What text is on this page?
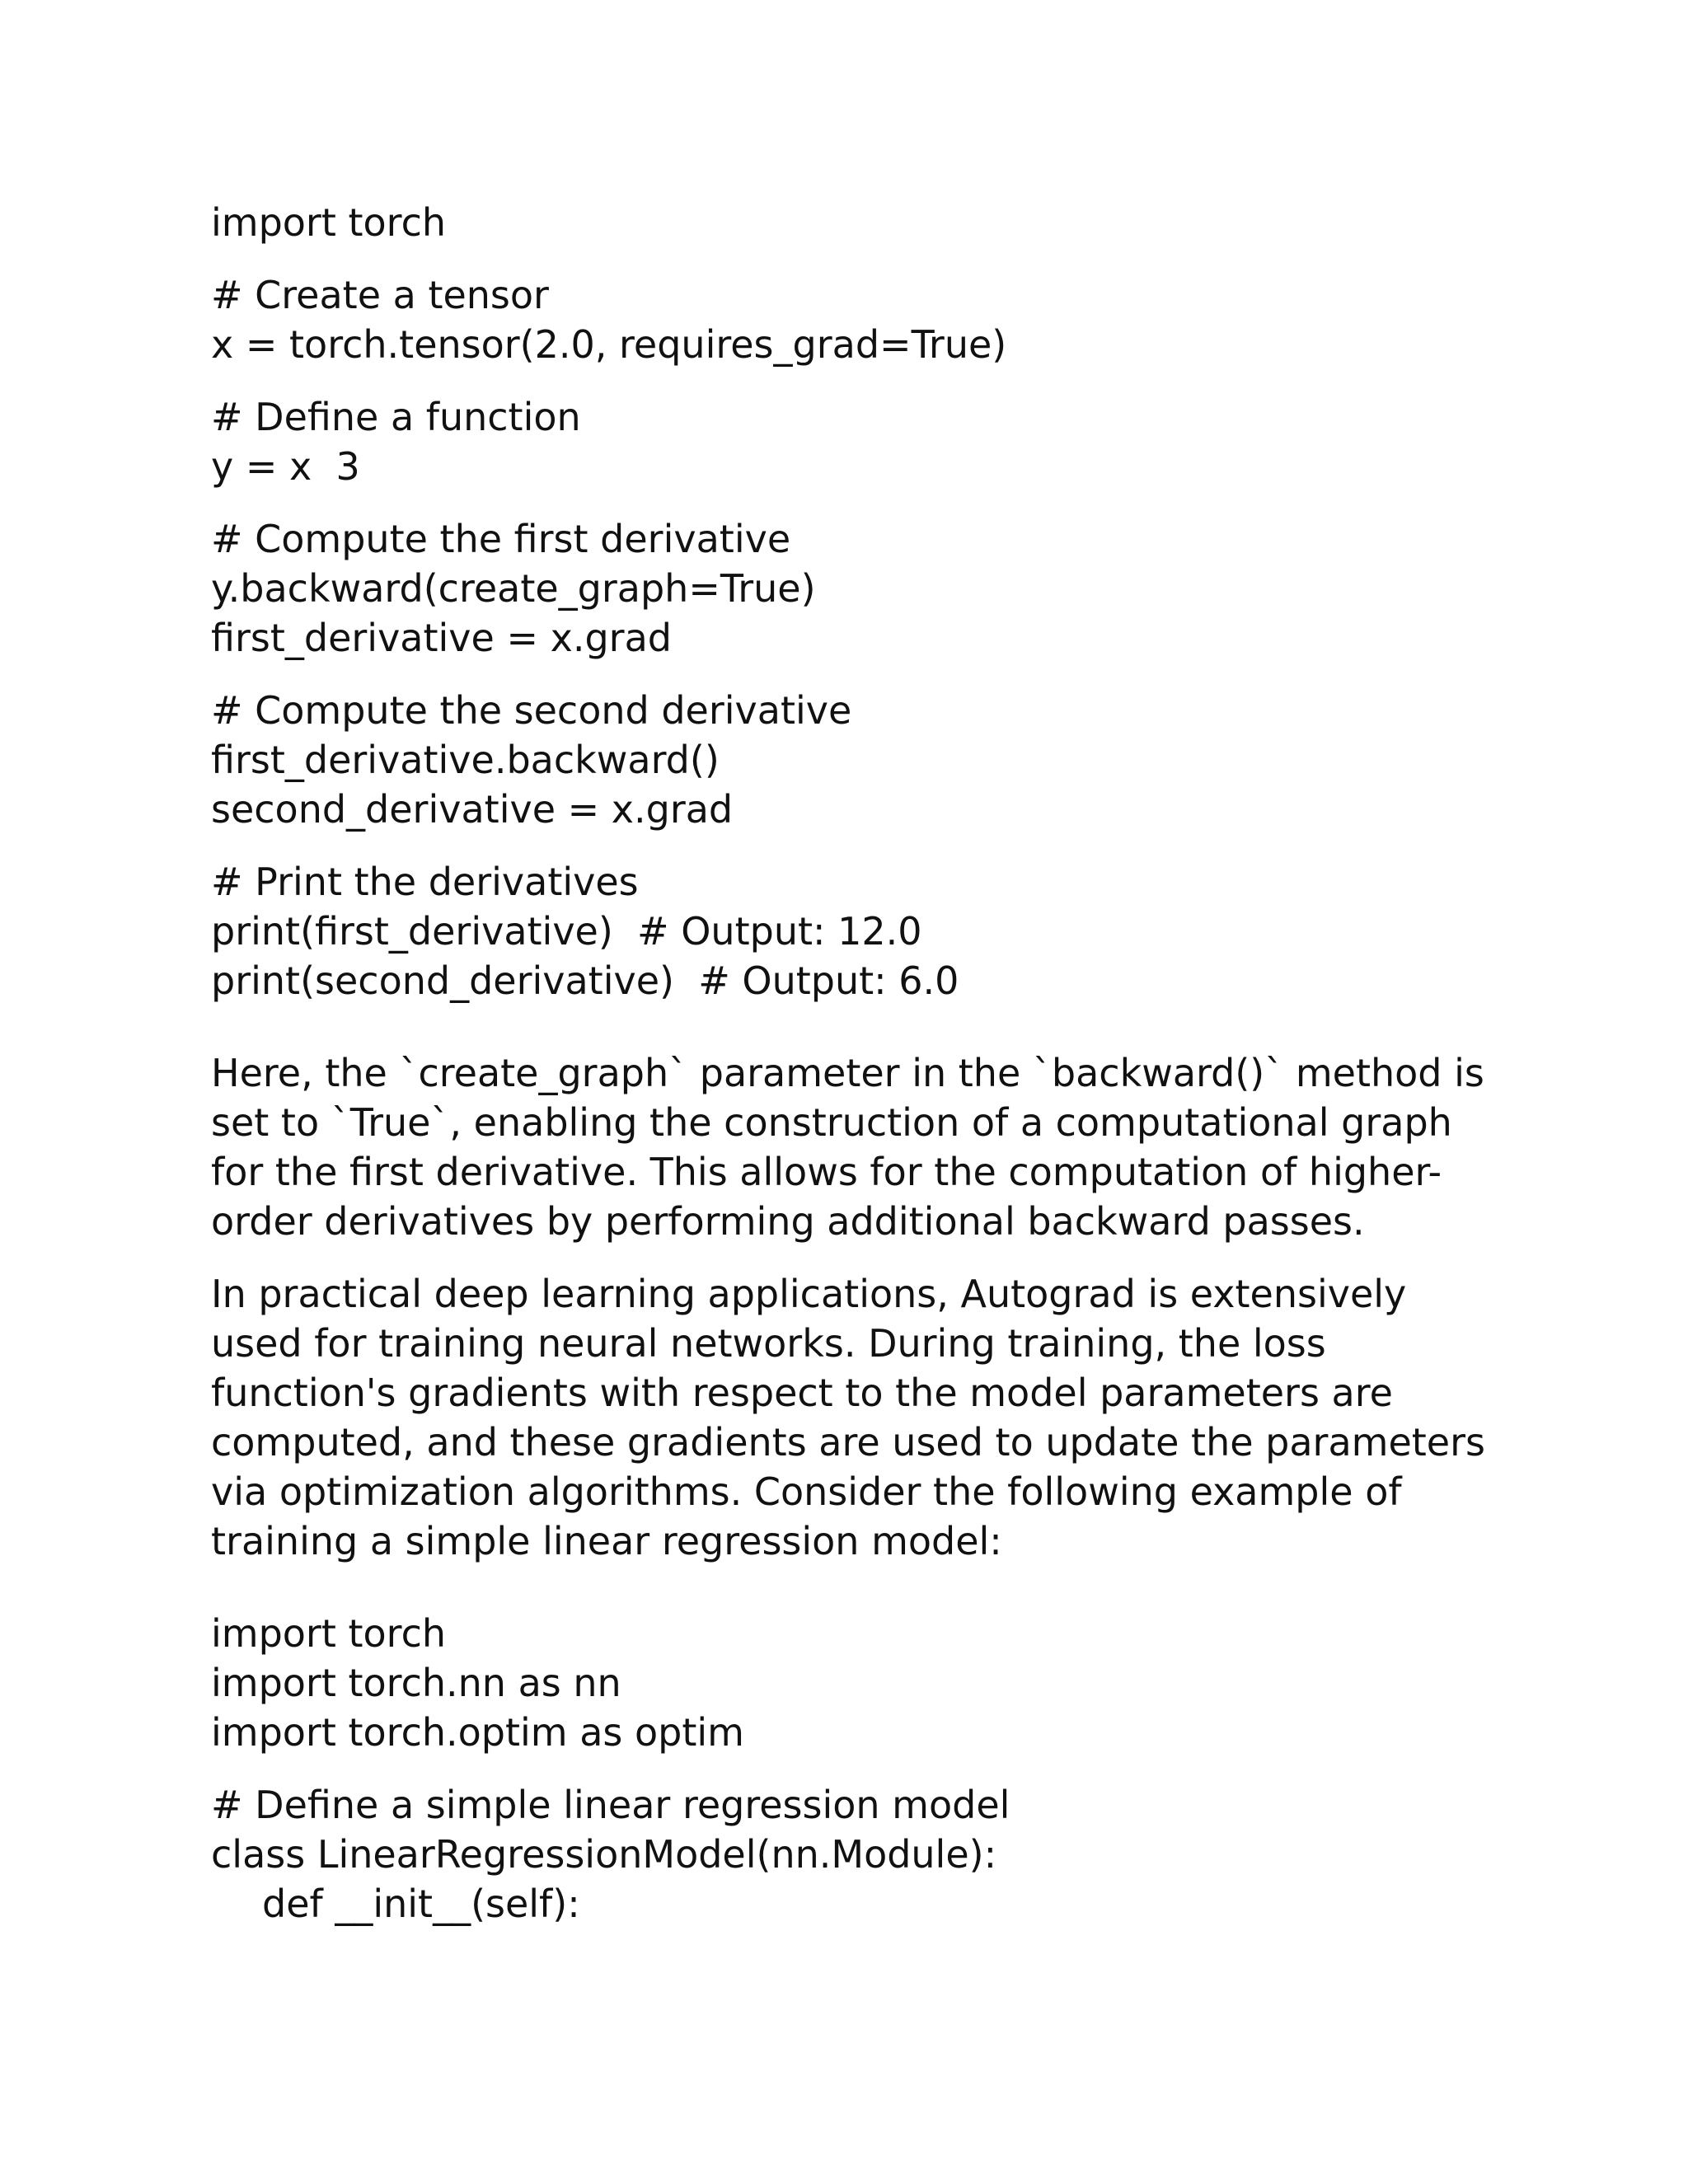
import torch
# Create a tensor
x = torch.tensor(2.0, requires_grad=True)
# Define a function
y = x  3
# Compute the first derivative
y.backward(create_graph=True)
first_derivative = x.grad
# Compute the second derivative
first_derivative.backward()
second_derivative = x.grad
# Print the derivatives
print(first_derivative)  # Output: 12.0
print(second_derivative)  # Output: 6.0
Here, the `create_graph` parameter in the `backward()` method is set to `True`, enabling the construction of a computational graph for the first derivative. This allows for the computation of higher-order derivatives by performing additional backward passes.
In practical deep learning applications, Autograd is extensively used for training neural networks. During training, the loss function's gradients with respect to the model parameters are computed, and these gradients are used to update the parameters via optimization algorithms. Consider the following example of training a simple linear regression model:
import torch
import torch.nn as nn
import torch.optim as optim
# Define a simple linear regression model
class LinearRegressionModel(nn.Module):
def __init__(self):
